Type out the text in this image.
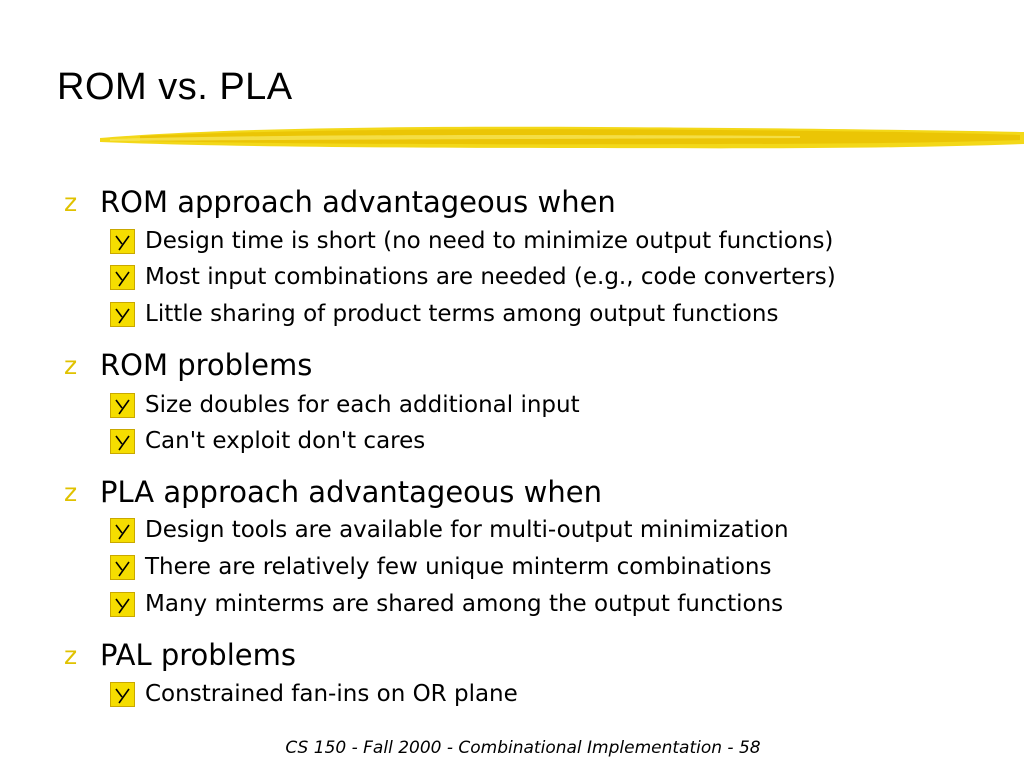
ROM vs. PLA
z ROM approach advantageous when
Design time is short (no need to minimize output functions)
Most input combinations are needed (e.g., code converters)
Little sharing of product terms among output functions
z ROM problems
Size doubles for each additional input
Can't exploit don't cares
z PLA approach advantageous when
Design tools are available for multi-output minimization
There are relatively few unique minterm combinations
Many minterms are shared among the output functions
z PAL problems
Constrained fan-ins on OR plane
CS 150 - Fall 2000 - Combinational Implementation - 58
